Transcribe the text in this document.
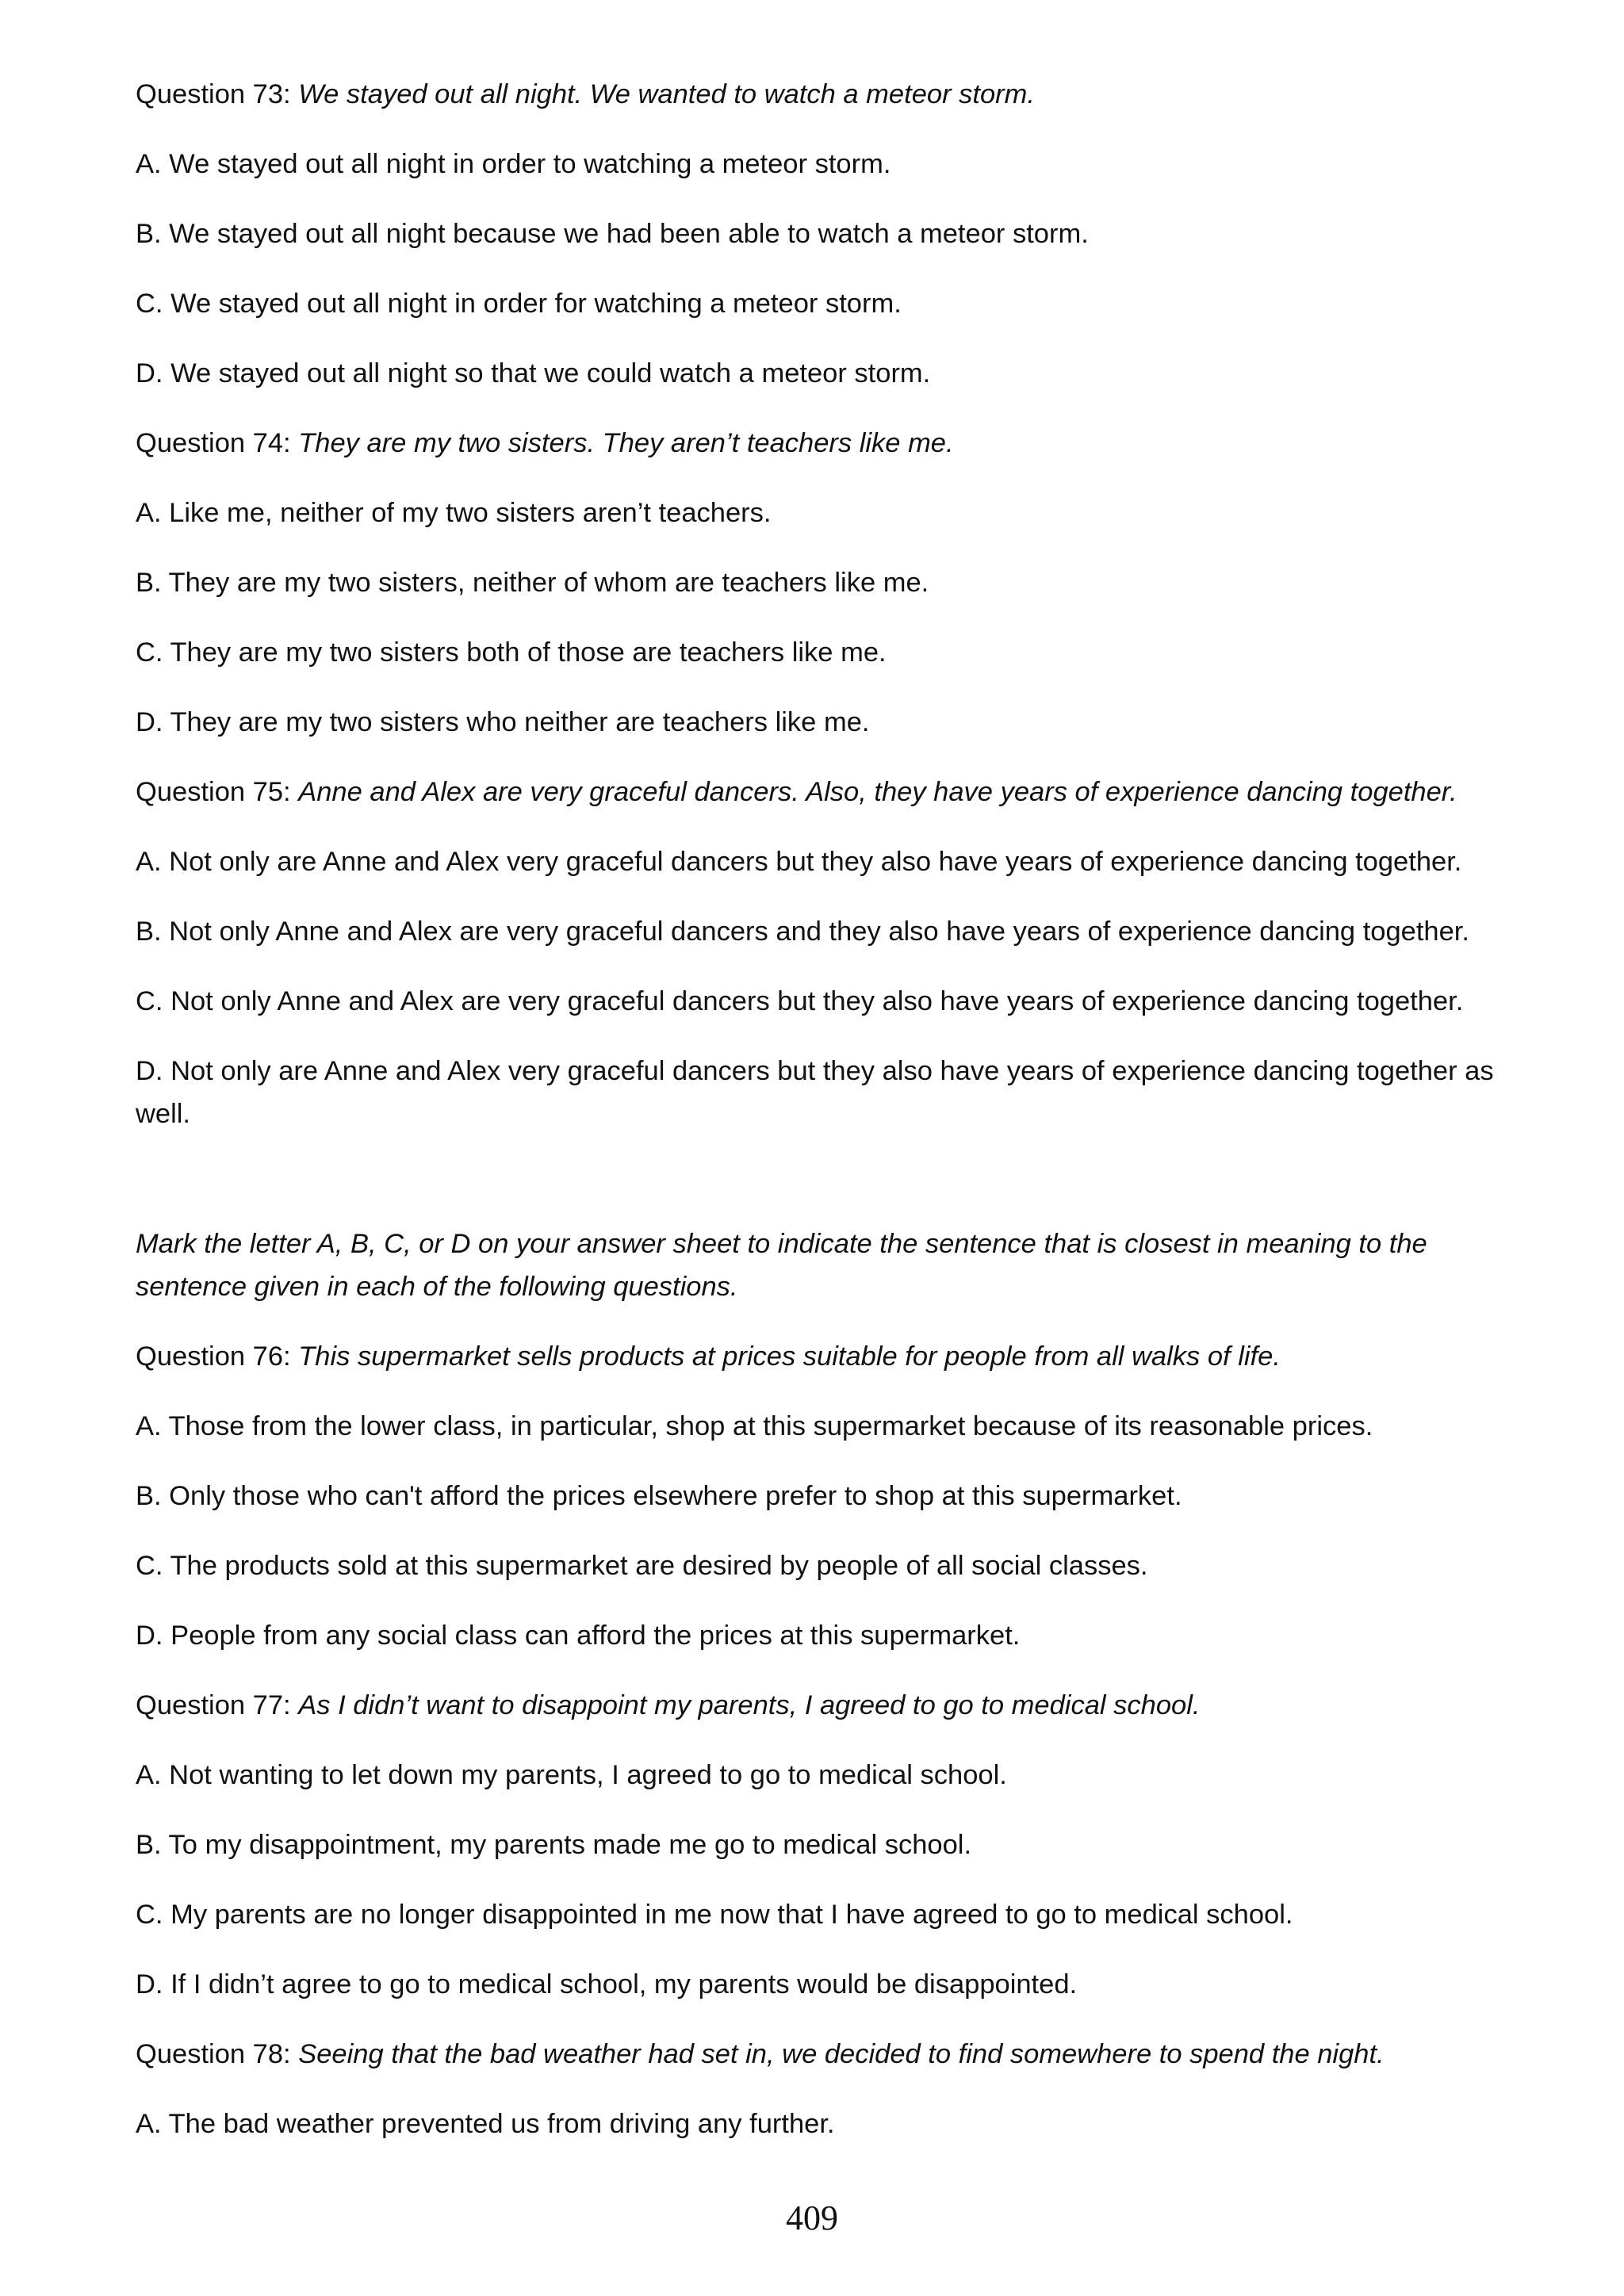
Question 73: We stayed out all night. We wanted to watch a meteor storm.
A. We stayed out all night in order to watching a meteor storm.
B. We stayed out all night because we had been able to watch a meteor storm.
C. We stayed out all night in order for watching a meteor storm.
D. We stayed out all night so that we could watch a meteor storm.
Question 74: They are my two sisters. They aren’t teachers like me.
A. Like me, neither of my two sisters aren’t teachers.
B. They are my two sisters, neither of whom are teachers like me.
C. They are my two sisters both of those are teachers like me.
D. They are my two sisters who neither are teachers like me.
Question 75: Anne and Alex are very graceful dancers. Also, they have years of experience dancing together.
A. Not only are Anne and Alex very graceful dancers but they also have years of experience dancing together.
B. Not only Anne and Alex are very graceful dancers and they also have years of experience dancing together.
C. Not only Anne and Alex are very graceful dancers but they also have years of experience dancing together.
D. Not only are Anne and Alex very graceful dancers but they also have years of experience dancing together as well.
Mark the letter A, B, C, or D on your answer sheet to indicate the sentence that is closest in meaning to the sentence given in each of the following questions.
Question 76: This supermarket sells products at prices suitable for people from all walks of life.
A. Those from the lower class, in particular, shop at this supermarket because of its reasonable prices.
B. Only those who can't afford the prices elsewhere prefer to shop at this supermarket.
C. The products sold at this supermarket are desired by people of all social classes.
D. People from any social class can afford the prices at this supermarket.
Question 77: As I didn’t want to disappoint my parents, I agreed to go to medical school.
A. Not wanting to let down my parents, I agreed to go to medical school.
B. To my disappointment, my parents made me go to medical school.
C. My parents are no longer disappointed in me now that I have agreed to go to medical school.
D. If I didn’t agree to go to medical school, my parents would be disappointed.
Question 78: Seeing that the bad weather had set in, we decided to find somewhere to spend the night.
A. The bad weather prevented us from driving any further.
409
